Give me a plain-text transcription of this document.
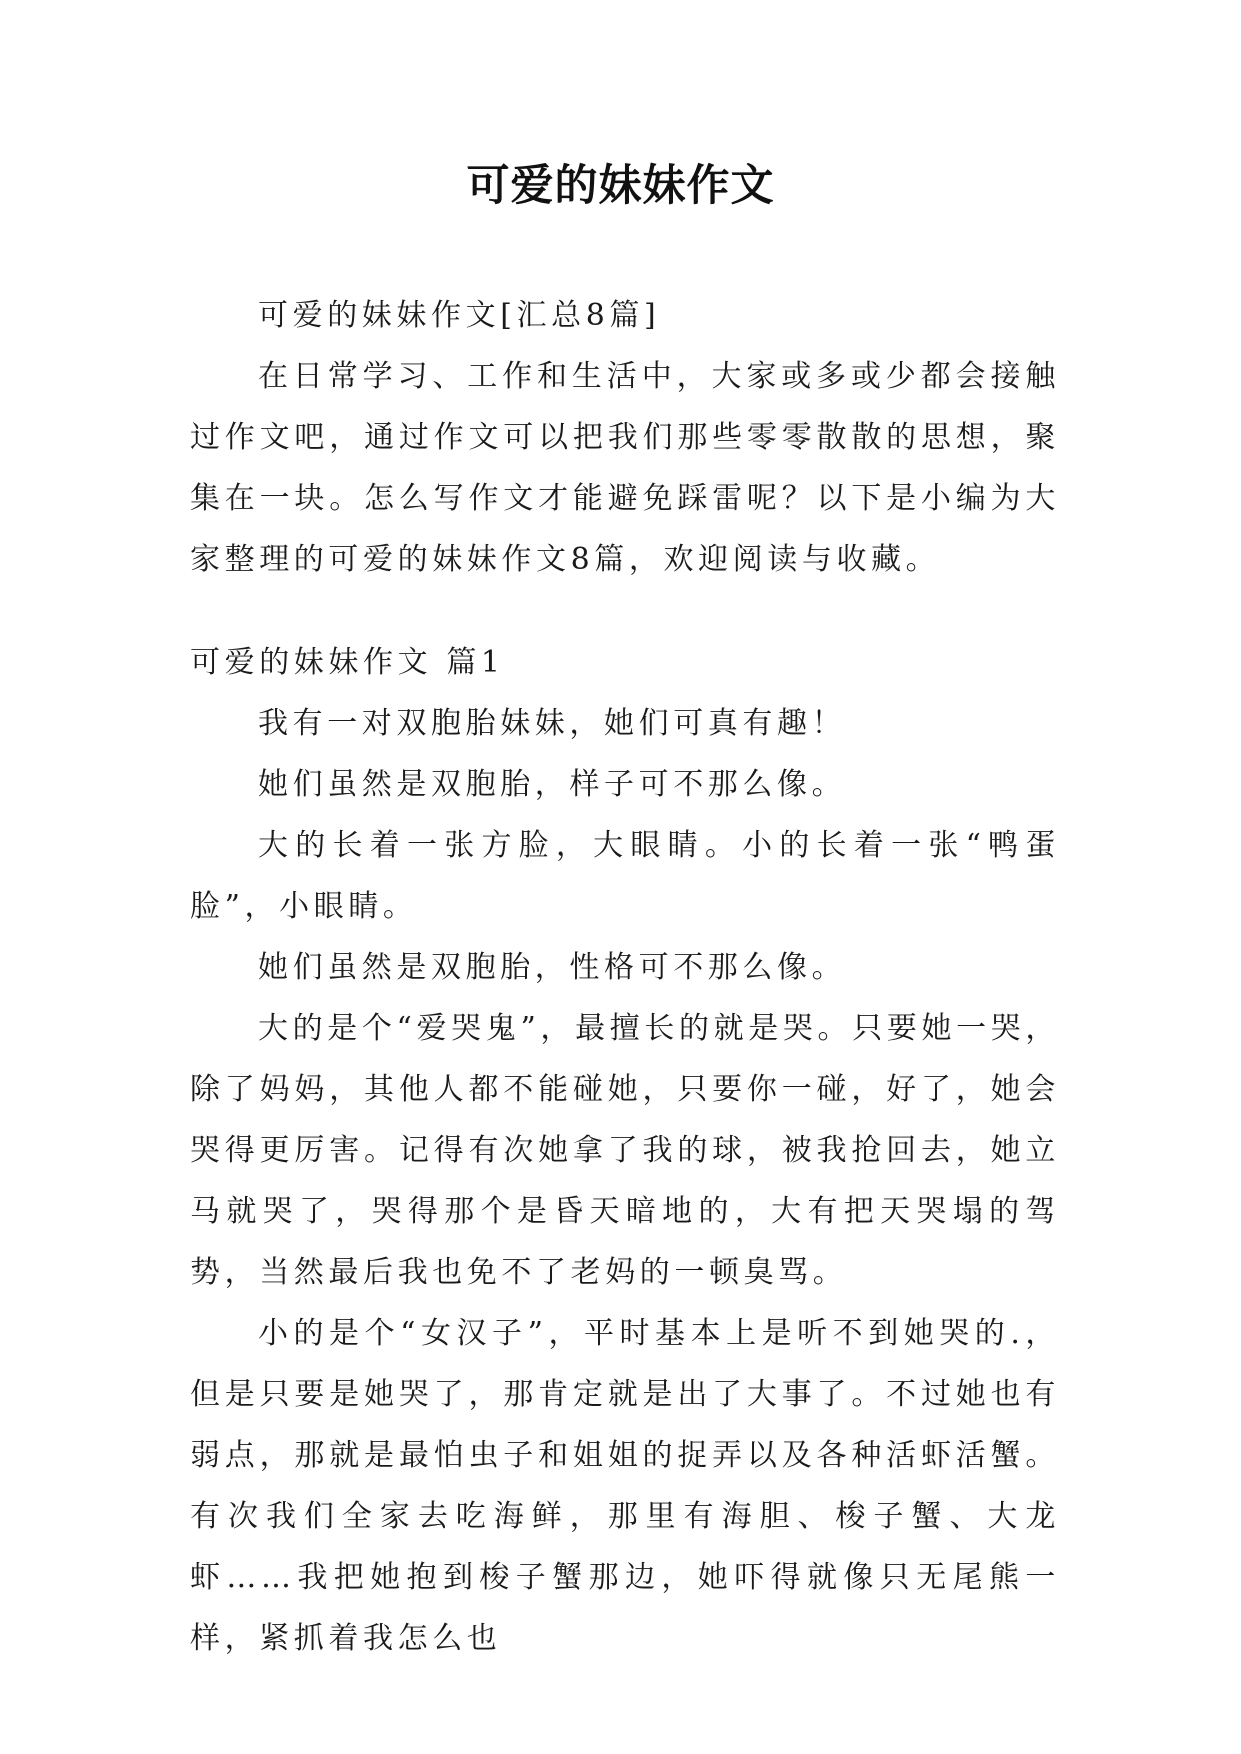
可爱的妹妹作文

可爱的妹妹作文[汇总8篇]

在日常学习、工作和生活中，大家或多或少都会接触过作文吧，通过作文可以把我们那些零零散散的思想，聚集在一块。怎么写作文才能避免踩雷呢？以下是小编为大家整理的可爱的妹妹作文8篇，欢迎阅读与收藏。

可爱的妹妹作文 篇1

我有一对双胞胎妹妹，她们可真有趣！

她们虽然是双胞胎，样子可不那么像。

大的长着一张方脸，大眼睛。小的长着一张“鸭蛋脸”，小眼睛。

她们虽然是双胞胎，性格可不那么像。

大的是个“爱哭鬼”，最擅长的就是哭。只要她一哭，除了妈妈，其他人都不能碰她，只要你一碰，好了，她会哭得更厉害。记得有次她拿了我的球，被我抢回去，她立马就哭了，哭得那个是昏天暗地的，大有把天哭塌的驾势，当然最后我也免不了老妈的一顿臭骂。

小的是个“女汉子”，平时基本上是听不到她哭的.，但是只要是她哭了，那肯定就是出了大事了。不过她也有弱点，那就是最怕虫子和姐姐的捉弄以及各种活虾活蟹。有次我们全家去吃海鲜，那里有海胆、梭子蟹、大龙虾……我把她抱到梭子蟹那边，她吓得就像只无尾熊一样，紧抓着我怎么也
